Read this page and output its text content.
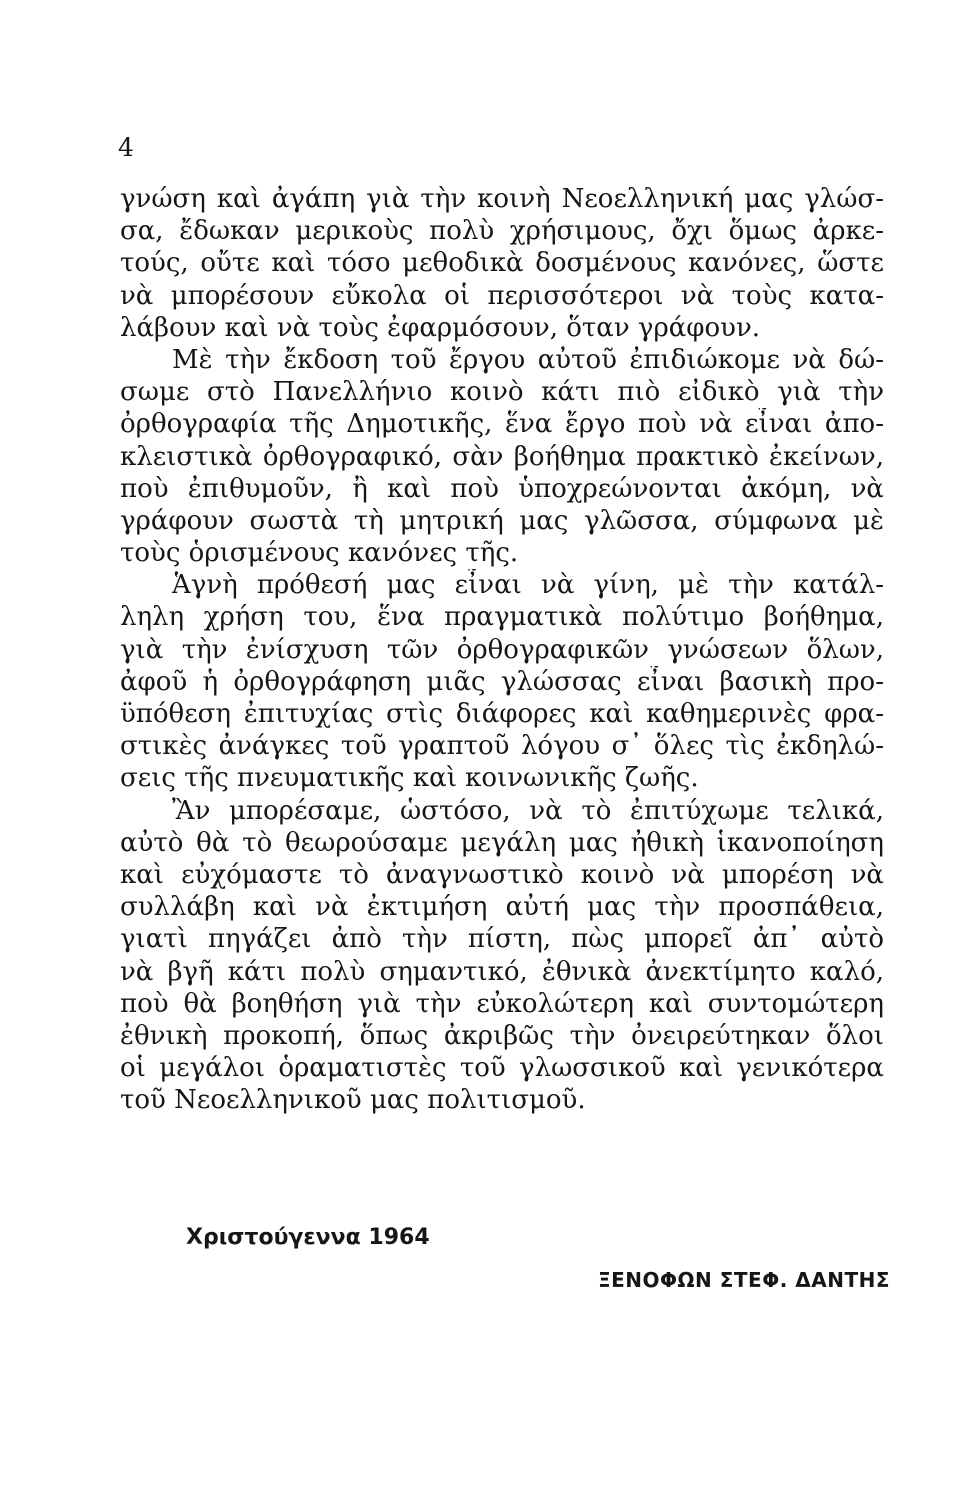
4
γνώση καὶ ἀγάπη γιὰ τὴν κοινὴ Νεοελληνική μας γλώσ-
σα, ἔδωκαν μερικοὺς πολὺ χρήσιμους, ὄχι ὅμως ἀρκε-
τούς, οὔτε καὶ τόσο μεθοδικὰ δοσμένους κανόνες, ὥστε
νὰ μπορέσουν εὔκολα οἱ περισσότεροι νὰ τοὺς κατα-
λάβουν καὶ νὰ τοὺς ἐφαρμόσουν, ὅταν γράφουν.
Μὲ τὴν ἔκδοση τοῦ ἔργου αὐτοῦ ἐπιδιώκομε νὰ δώ-
σωμε στὸ Πανελλήνιο κοινὸ κάτι πιὸ εἰδικὸ γιὰ τὴν
ὀρθογραφία τῆς Δημοτικῆς, ἕνα ἔργο ποὺ νὰ εἶναι ἀπο-
κλειστικὰ ὀρθογραφικό, σὰν βοήθημα πρακτικὸ ἐκείνων,
ποὺ ἐπιθυμοῦν, ἢ καὶ ποὺ ὑποχρεώνονται ἀκόμη, νὰ
γράφουν σωστὰ τὴ μητρική μας γλῶσσα, σύμφωνα μὲ
τοὺς ὁρισμένους κανόνες τῆς.
Ἁγνὴ πρόθεσή μας εἶναι νὰ γίνη, μὲ τὴν κατάλ-
ληλη χρήση του, ἕνα πραγματικὰ πολύτιμο βοήθημα,
γιὰ τὴν ἐνίσχυση τῶν ὀρθογραφικῶν γνώσεων ὅλων,
ἀφοῦ ἡ ὀρθογράφηση μιᾶς γλώσσας εἶναι βασικὴ προ-
ϋπόθεση ἐπιτυχίας στὶς διάφορες καὶ καθημερινὲς φρα-
στικὲς ἀνάγκες τοῦ γραπτοῦ λόγου σ᾽ ὅλες τὶς ἐκδηλώ-
σεις τῆς πνευματικῆς καὶ κοινωνικῆς ζωῆς.
Ἂν μπορέσαμε, ὡστόσο, νὰ τὸ ἐπιτύχωμε τελικά,
αὐτὸ θὰ τὸ θεωρούσαμε μεγάλη μας ἠθικὴ ἱκανοποίηση
καὶ εὐχόμαστε τὸ ἀναγνωστικὸ κοινὸ νὰ μπορέση νὰ
συλλάβη καὶ νὰ ἐκτιμήση αὐτή μας τὴν προσπάθεια,
γιατὶ πηγάζει ἀπὸ τὴν πίστη, πὼς μπορεῖ ἀπ᾽ αὐτὸ
νὰ βγῆ κάτι πολὺ σημαντικό, ἐθνικὰ ἀνεκτίμητο καλό,
ποὺ θὰ βοηθήση γιὰ τὴν εὐκολώτερη καὶ συντομώτερη
ἐθνικὴ προκοπή, ὅπως ἀκριβῶς τὴν ὀνειρεύτηκαν ὅλοι
οἱ μεγάλοι ὁραματιστὲς τοῦ γλωσσικοῦ καὶ γενικότερα
τοῦ Νεοελληνικοῦ μας πολιτισμοῦ.
Χριστούγεννα 1964
ΞΕΝΟΦΩΝ ΣΤΕΦ. ΔΑΝΤΗΣ
